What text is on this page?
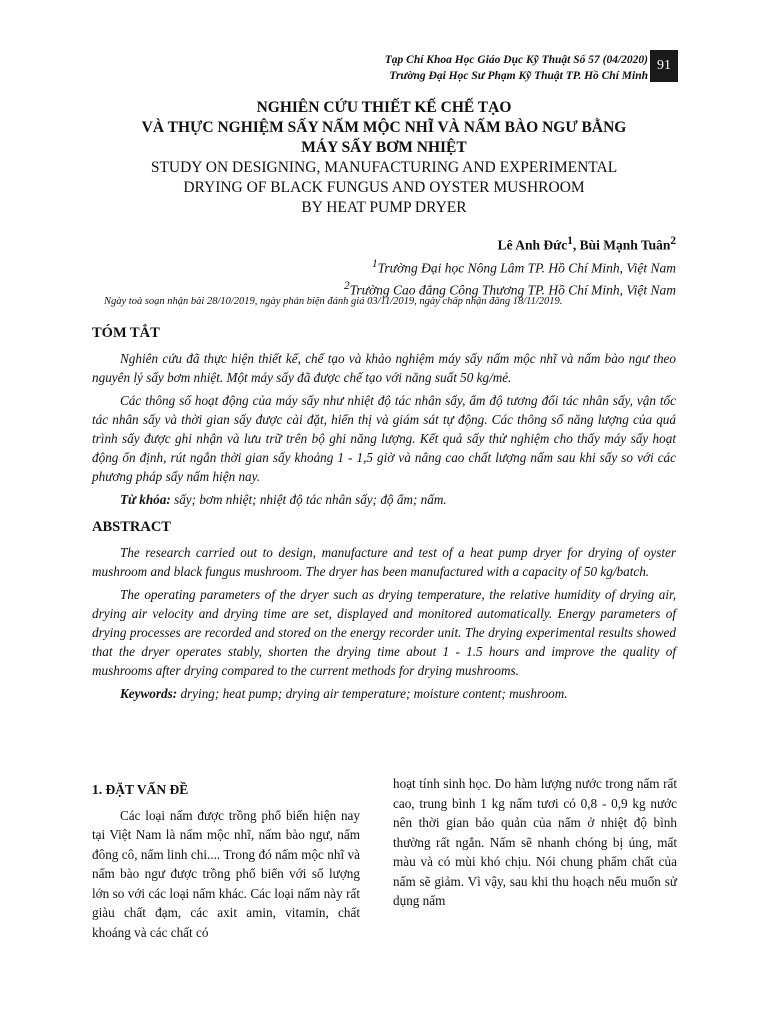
Tạp Chí Khoa Học Giáo Dục Kỹ Thuật Số 57 (04/2020)
Trường Đại Học Sư Phạm Kỹ Thuật TP. Hồ Chí Minh
91
NGHIÊN CỨU THIẾT KẾ CHẾ TẠO
VÀ THỰC NGHIỆM SẤY NẤM MỘC NHĨ VÀ NẤM BÀO NGƯ BẰNG
MÁY SẤY BƠM NHIỆT
STUDY ON DESIGNING, MANUFACTURING AND EXPERIMENTAL
DRYING OF BLACK FUNGUS AND OYSTER MUSHROOM
BY HEAT PUMP DRYER
Lê Anh Đức$^1$, Bùi Mạnh Tuân$^2$
$^1$Trường Đại học Nông Lâm TP. Hồ Chí Minh, Việt Nam
$^2$Trường Cao đẳng Công Thương TP. Hồ Chí Minh, Việt Nam
Ngày toà soạn nhận bài 28/10/2019, ngày phản biện đánh giá 03/11/2019, ngày chấp nhận đăng 18/11/2019.
TÓM TẮT

Nghiên cứu đã thực hiện thiết kế, chế tạo và khảo nghiệm máy sấy nấm mộc nhĩ và nấm bào ngư theo nguyên lý sấy bơm nhiệt. Một máy sấy đã được chế tạo với năng suất 50 kg/mẻ.

Các thông số hoạt động của máy sấy như nhiệt độ tác nhân sấy, ẩm độ tương đối tác nhân sấy, vận tốc tác nhân sấy và thời gian sấy được cài đặt, hiển thị và giám sát tự động. Các thông số năng lượng của quá trình sấy được ghi nhận và lưu trữ trên bộ ghi năng lượng. Kết quả sấy thử nghiệm cho thấy máy sấy hoạt động ổn định, rút ngắn thời gian sấy khoảng 1 - 1,5 giờ và nâng cao chất lượng nấm sau khi sấy so với các phương pháp sấy nấm hiện nay.

Từ khóa: sấy; bơm nhiệt; nhiệt độ tác nhân sấy; độ ẩm; nấm.

ABSTRACT

The research carried out to design, manufacture and test of a heat pump dryer for drying of oyster mushroom and black fungus mushroom. The dryer has been manufactured with a capacity of 50 kg/batch.

The operating parameters of the dryer such as drying temperature, the relative humidity of drying air, drying air velocity and drying time are set, displayed and monitored automatically. Energy parameters of drying processes are recorded and stored on the energy recorder unit. The drying experimental results showed that the dryer operates stably, shorten the drying time about 1 - 1.5 hours and improve the quality of mushrooms after drying compared to the current methods for drying mushrooms.

Keywords: drying; heat pump; drying air temperature; moisture content; mushroom.

1. ĐẶT VẤN ĐỀ

Các loại nấm được trồng phổ biến hiện nay tại Việt Nam là nấm mộc nhĩ, nấm bào ngư, nấm đông cô, nấm linh chi.... Trong đó nấm mộc nhĩ và nấm bào ngư được trồng phổ biến với số lượng lớn so với các loại nấm khác. Các loại nấm này rất giàu chất đạm, các axit amin, vitamin, chất khoáng và các chất có

hoạt tính sinh học. Do hàm lượng nước trong nấm rất cao, trung bình 1 kg nấm tươi có 0,8 - 0,9 kg nước nên thời gian bảo quản của nấm ở nhiệt độ bình thường rất ngắn. Nấm sẽ nhanh chóng bị úng, mất màu và có mùi khó chịu. Nói chung phẩm chất của nấm sẽ giảm. Vì vậy, sau khi thu hoạch nếu muốn sử dụng nấm
